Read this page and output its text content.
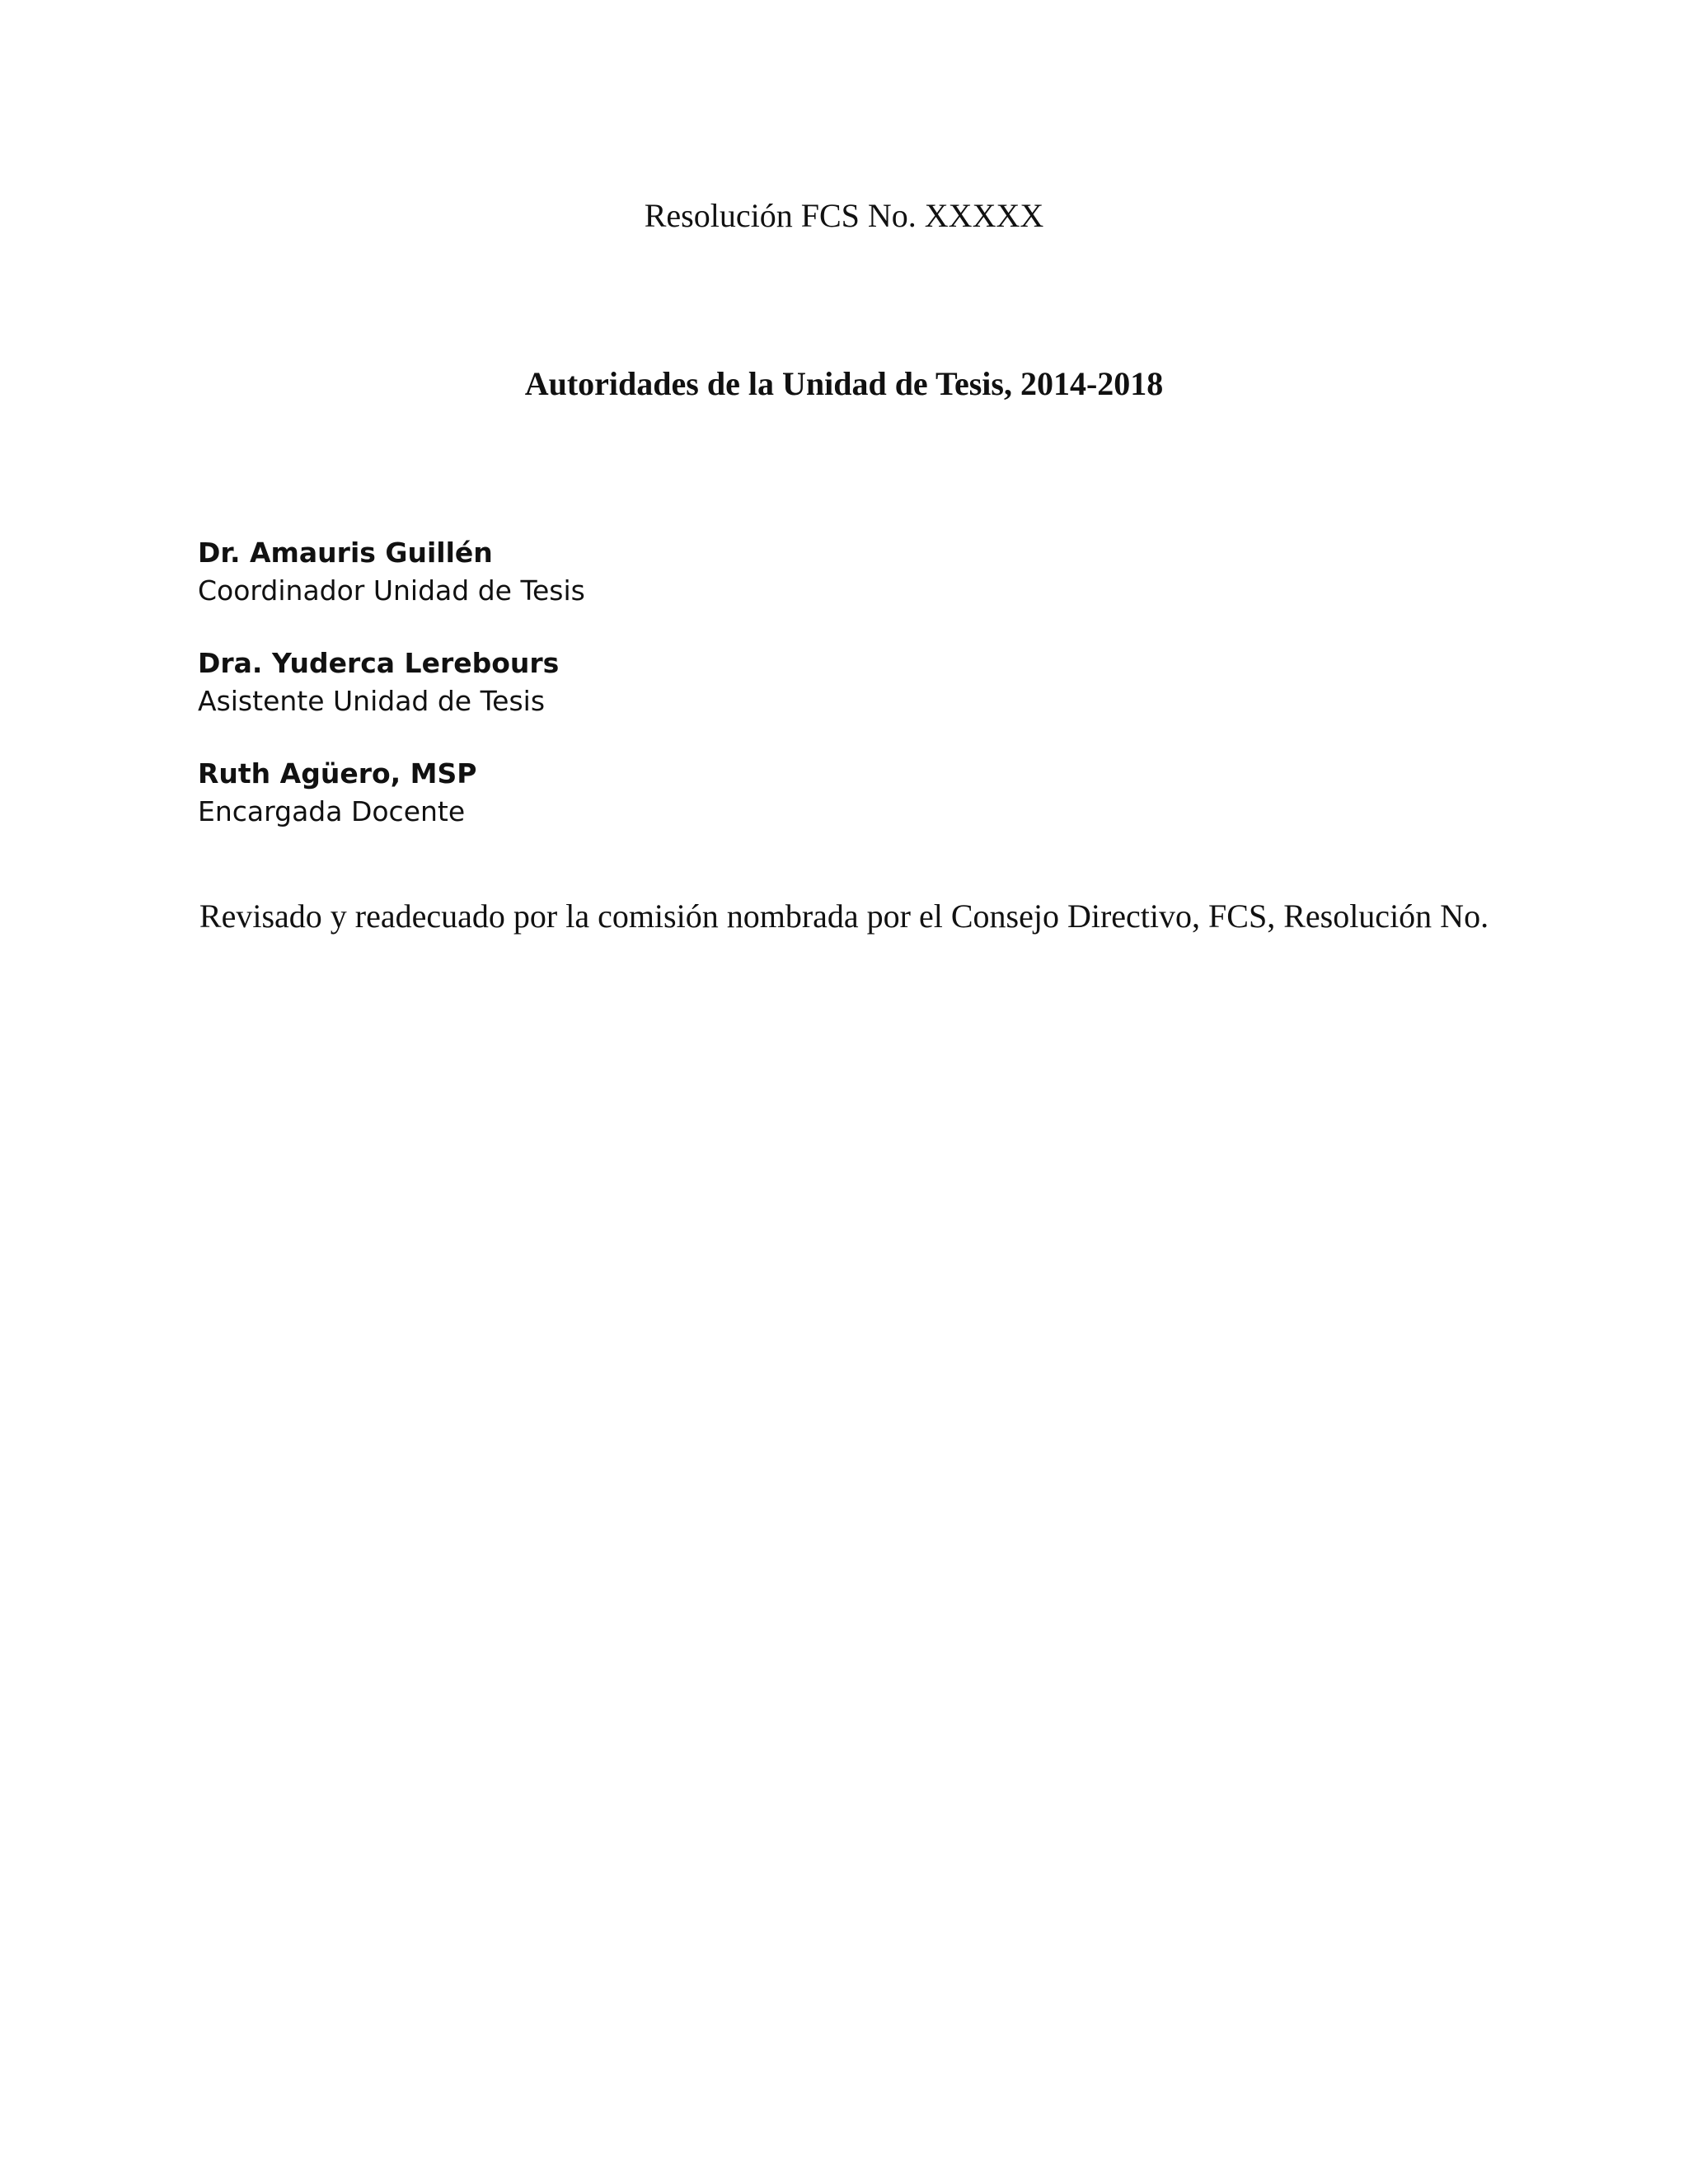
Resolución FCS No. XXXXX
Autoridades de la Unidad de Tesis, 2014-2018
Dr. Amauris Guillén
Coordinador Unidad de Tesis
Dra. Yuderca Lerebours
Asistente Unidad de Tesis
Ruth Agüero, MSP
Encargada Docente
Revisado y readecuado por la comisión nombrada por el Consejo Directivo, FCS, Resolución No.
